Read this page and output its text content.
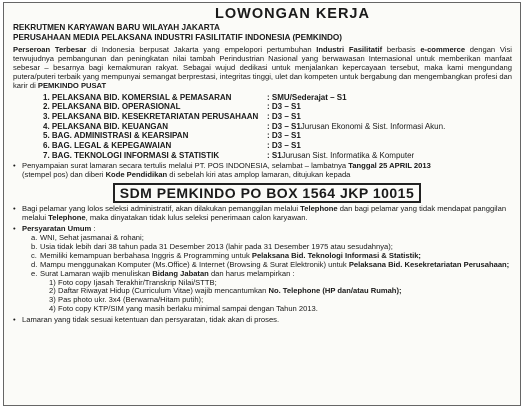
LOWONGAN KERJA
REKRUTMEN KARYAWAN BARU WILAYAH JAKARTA
PERUSAHAAN MEDIA PELAKSANA INDUSTRI FASILITATIF INDONESIA (PEMKINDO)
Perseroan Terbesar di Indonesia berpusat Jakarta yang empelopori pertumbuhan Industri Fasilitatif berbasis e-commerce dengan Visi terwujudnya pembangunan dan peningkatan nilai tambah Perindustrian Nasional yang berwawasan Internasional untuk memberikan manfaat sebesar – besarnya bagi kemakmuran rakyat. Sebagai wujud dedikasi untuk menjalankan kepercayaan tersebut, maka kami mengundang putera/puteri terbaik yang mempunyai semangat berprestasi, integritas tinggi, ulet dan kompeten untuk bergabung dan mengembangkan profesi dan karir di PEMKINDO PUSAT
1. PELAKSANA BID. KOMERSIAL & PEMASARAN	: SMU/Sederajat – S1
2. PELAKSANA BID. OPERASIONAL	: D3 – S1
3. PELAKSANA BID. KESEKRETARIATAN PERUSAHAAN	: D3 – S1
4. PELAKSANA BID. KEUANGAN	: D3 – S1 Jurusan Ekonomi & Sist. Informasi Akun.
5. BAG. ADMINISTRASI & KEARSIPAN	: D3 – S1
6. BAG. LEGAL & KEPEGAWAIAN	: D3 – S1
7. BAG. TEKNOLOGI INFORMASI & STATISTIK	: S1 Jurusan Sist. Informatika & Komputer
• Penyampaian surat lamaran secara tertulis melalui PT. POS INDONESIA, selambat – lambatnya Tanggal 25 APRIL 2013
(stempel pos) dan diberi Kode Pendidikan di sebelah kiri atas amplop lamaran, ditujukan kepada
SDM PEMKINDO PO BOX 1564 JKP 10015
• Bagi pelamar yang lolos seleksi administratif, akan dilakukan pemanggilan melalui Telephone dan bagi pelamar yang tidak mendapat panggilan melalui Telephone, maka dinyatakan tidak lulus seleksi penerimaan calon karyawan.
• Persyaratan Umum :
a. WNI, Sehat jasmanai & rohani;
b. Usia tidak lebih dari 38 tahun pada 31 Desember 2013 (lahir pada 31 Desember 1975 atau sesudahnya);
c. Memiliki kemampuan berbahasa Inggris & Programming untuk Pelaksana Bid. Teknologi Informasi & Statistik;
d. Mampu menggunakan Komputer (Ms.Office) & Internet (Browsing & Surat Elektronik) untuk Pelaksana Bid. Kesekretariatan Perusahaan;
e. Surat Lamaran wajib menuliskan Bidang Jabatan dan harus melampirkan :
1) Foto copy Ijasah Terakhir/Transkrip Nilai/STTB;
2) Daftar Riwayat Hidup (Curriculum Vitae) wajib mencantumkan No. Telephone (HP dan/atau Rumah);
3) Pas photo ukr. 3x4 (Berwarna/Hitam putih);
4) Foto copy KTP/SIM yang masih berlaku minimal sampai dengan Tahun 2013.
• Lamaran yang tidak sesuai ketentuan dan persyaratan, tidak akan di proses.
